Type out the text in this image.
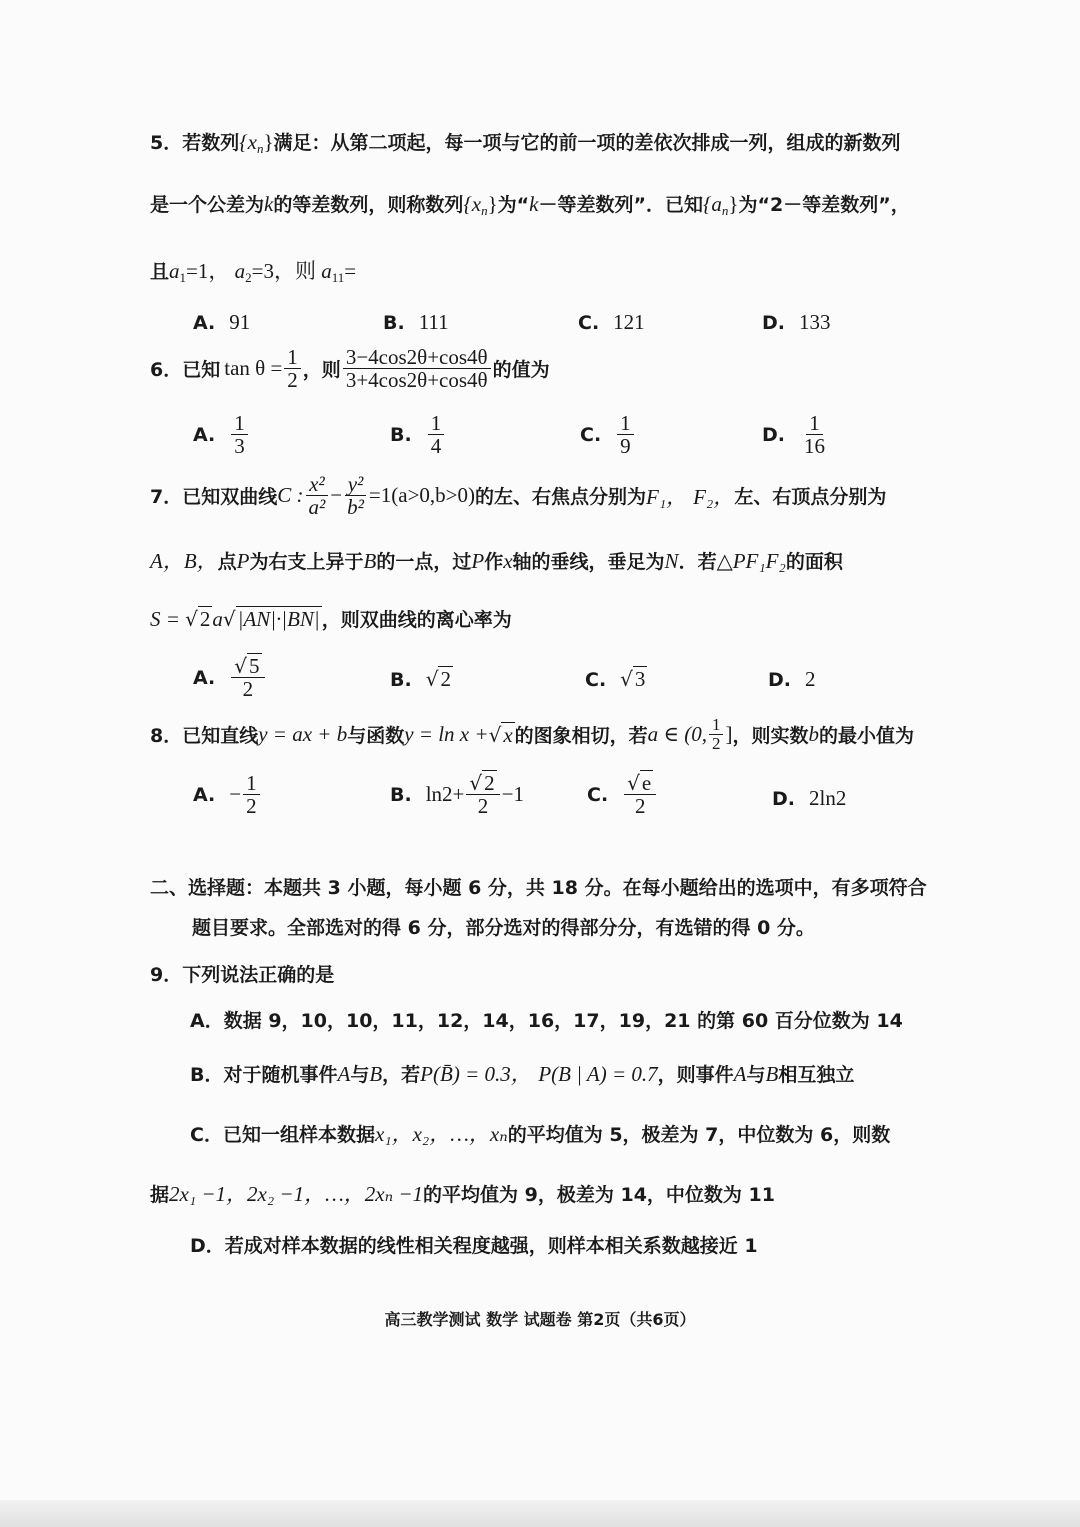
5．若数列$\{x_n\}$满足：从第二项起，每一项与它的前一项的差依次排成一列，组成的新数列
是一个公差为k的等差数列，则称数列$\{x_n\}$为“k－等差数列”．已知$\{a_n\}$为“2－等差数列”，
且$a_1=1$， $a_2=3$，则 $a_{11}=$
A. 91	B. 111	C. 121	D. 133
6．已知 $\tan \theta = \frac{1}{2}$ ，则 $\frac{3-4\cos 2\theta+\cos 4\theta}{3+4\cos 2\theta+\cos 4\theta}$ 的值为
A. $\frac{1}{3}$	B. $\frac{1}{4}$	C. $\frac{1}{9}$	D. $\frac{1}{16}$
7．已知双曲线 C : $\frac{\text{x²}}{\text{a²}} - \frac{\text{y²}}{\text{b²}} =1(a>0,b>0)$ 的左、右焦点分别为 F₁， F₂， 左、右顶点分别为
A，B，点P为右支上异于B的一点，过P作x轴的垂线，垂足为N．若△PF₁F₂的面积
S = √2a√|AN|·|BN| ，则双曲线的离心率为
A. $\frac{√5}{2}$	B. √2	C. √3	D. 2
8．已知直线 y = ax + b 与函数 y = ln x + √ x 的图象相切，若 a ∈ (0, $\frac{1}{2}$ ] ，则实数 b 的最小值为
A. − $\frac{1}{2}$	B. $\ln 2+ \frac{√2}{2} -1$	C. $\frac{√e}{2}$	D. 2ln2
二、选择题：本题共 3 小题，每小题 6 分，共 18 分。在每小题给出的选项中，有多项符合
题目要求。全部选对的得 6 分，部分选对的得部分分，有选错的得 0 分。
9．下列说法正确的是
A．数据 9，10，10，11，12，14，16，17，19，21 的第 60 百分位数为 14
B．对于随机事件A与B，若P(B̄) = 0.3， P(B | A) = 0.7，则事件A与B相互独立
C．已知一组样本数据x₁，x₂，…，xₙ的平均值为 5，极差为 7，中位数为 6，则数
据2x₁ −1，2x₂ −1，…，2xₙ −1的平均值为 9，极差为 14，中位数为 11
D．若成对样本数据的线性相关程度越强，则样本相关系数越接近 1
高三教学测试 数学 试题卷 第2页（共6页）
